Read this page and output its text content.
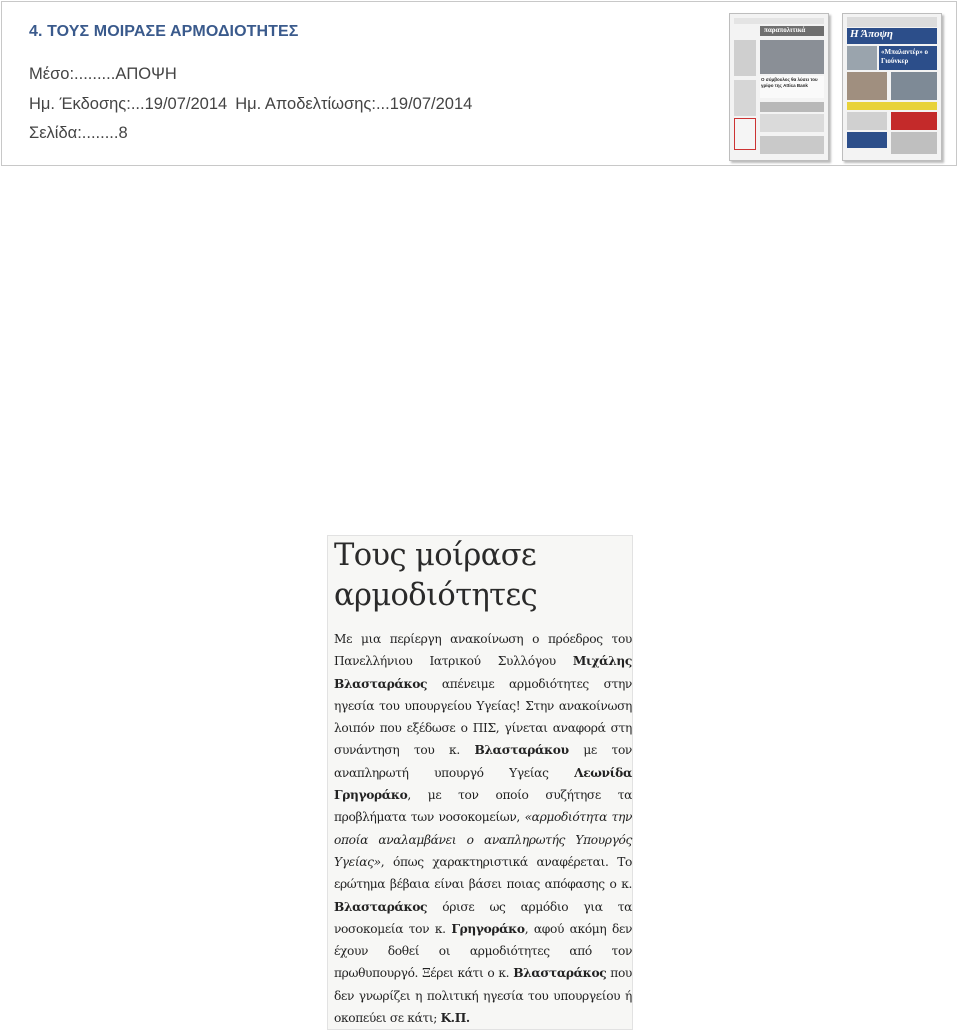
4. ΤΟΥΣ ΜΟΙΡΑΣΕ ΑΡΜΟΔΙΟΤΗΤΕΣ
Μέσο:.........ΑΠΟΨΗ
Ημ. Έκδοσης:...19/07/2014 Ημ. Αποδελτίωσης:...19/07/2014
Σελίδα:........8
παραπολιτικά
Ο σύμβουλος θα λύσει του γρίφο της Attica Bank
Η Άποψη
«Μπαλαντέρ» ο Γιούνκερ
Τους μοίρασε
αρμοδιότητες
Με μια περίεργη ανακοίνωση ο πρόεδρος του Πανελλήνιου Ιατρικού Συλλόγου Μιχάλης Βλασταράκος απένειμε αρμοδιότητες στην ηγεσία του υπουργείου Υγείας! Στην ανακοίνωση λοιπόν που εξέδωσε ο ΠΙΣ, γίνεται αναφορά στη συνάντηση του κ. Βλασταράκου με τον αναπληρωτή υπουργό Υγείας Λεωνίδα Γρηγοράκο, με τον οποίο συζήτησε τα προβλήματα των νοσοκομείων, «αρμοδιότητα την οποία αναλαμβάνει ο αναπληρωτής Υπουργός Υγείας», όπως χαρακτηριστικά αναφέρεται. Το ερώτημα βέβαια είναι βάσει ποιας απόφασης ο κ. Βλασταράκος όρισε ως αρμόδιο για τα νοσοκομεία τον κ. Γρηγοράκο, αφού ακόμη δεν έχουν δοθεί οι αρμοδιότητες από τον πρωθυπουργό. Ξέρει κάτι ο κ. Βλασταράκος που δεν γνωρίζει η πολιτική ηγεσία του υπουργείου ή οκοπεύει σε κάτι; Κ.Π.
